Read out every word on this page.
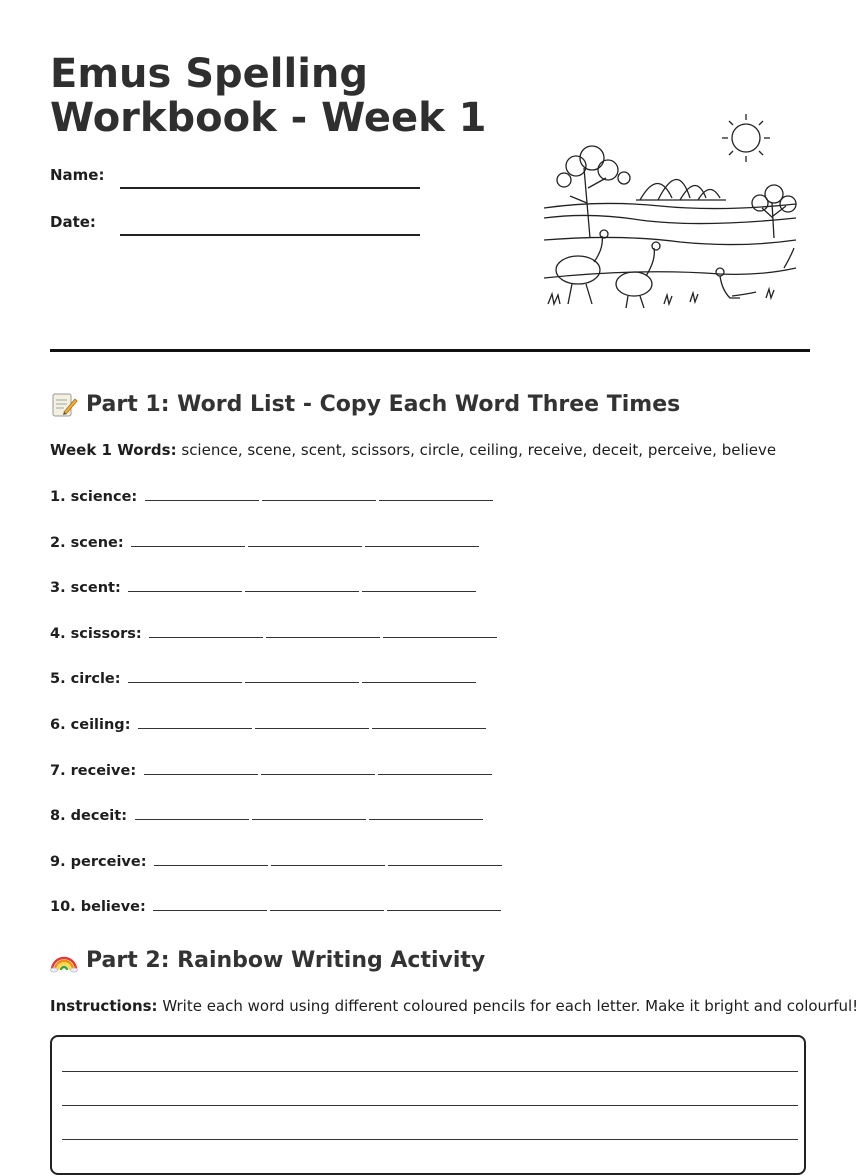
Emus Spelling
Workbook - Week 1
Name:
Date:
Part 1: Word List - Copy Each Word Three Times
Week 1 Words: science, scene, scent, scissors, circle, ceiling, receive, deceit, perceive, believe
1. science:
2. scene:
3. scent:
4. scissors:
5. circle:
6. ceiling:
7. receive:
8. deceit:
9. perceive:
10. believe:
Part 2: Rainbow Writing Activity
Instructions: Write each word using different coloured pencils for each letter. Make it bright and colourful!
